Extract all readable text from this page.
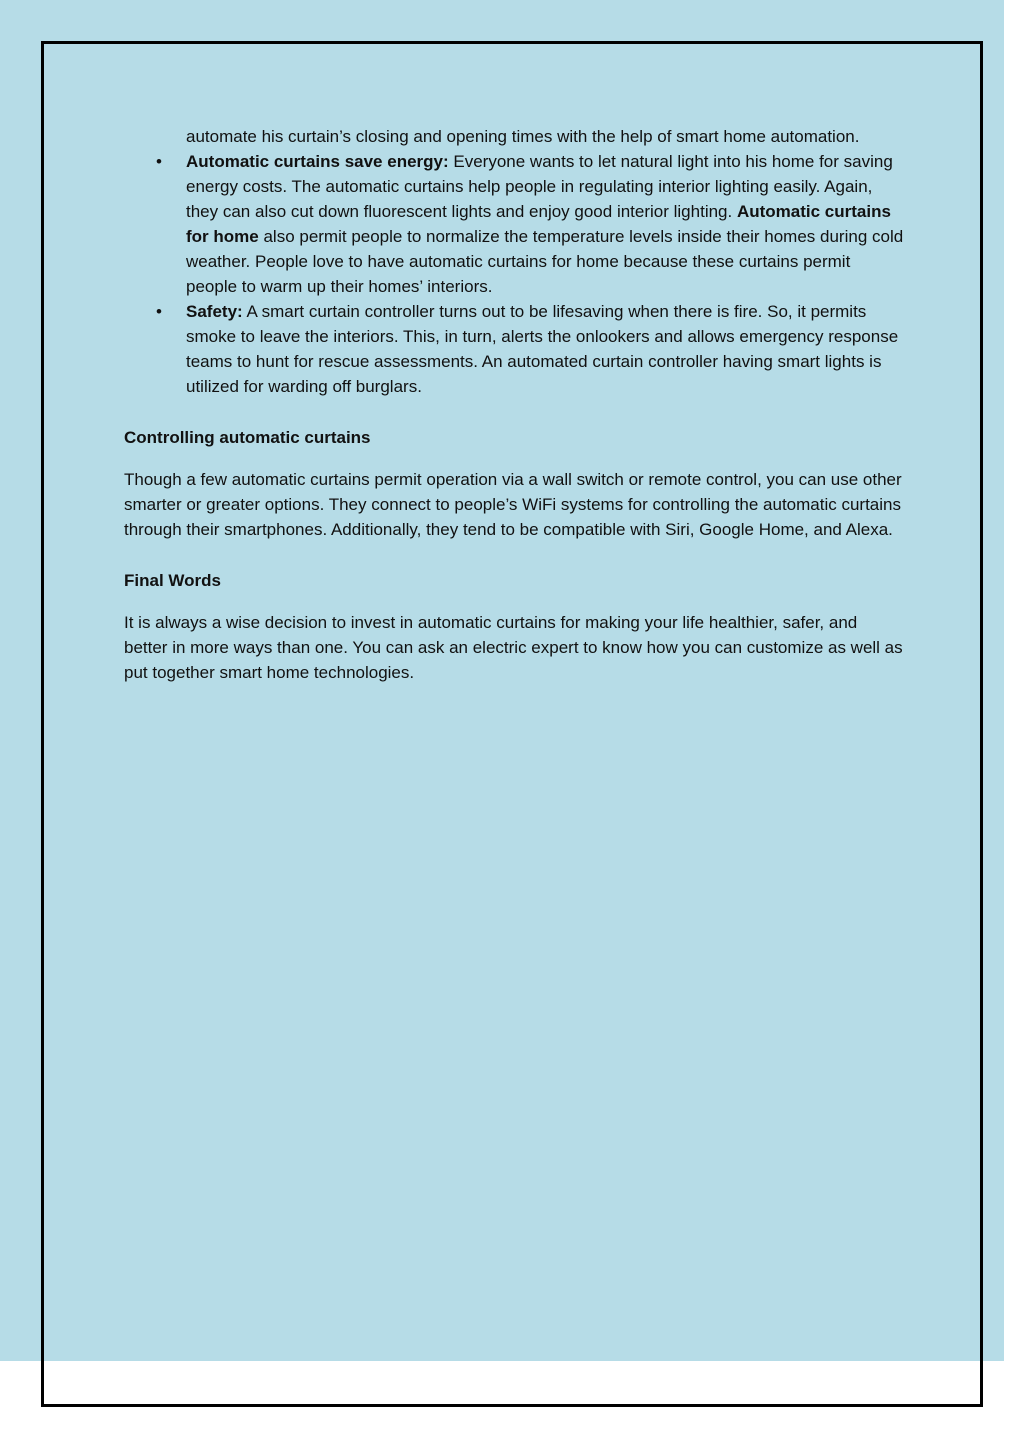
automate his curtain’s closing and opening times with the help of smart home automation.
• Automatic curtains save energy: Everyone wants to let natural light into his home for saving energy costs. The automatic curtains help people in regulating interior lighting easily. Again, they can also cut down fluorescent lights and enjoy good interior lighting. Automatic curtains for home also permit people to normalize the temperature levels inside their homes during cold weather. People love to have automatic curtains for home because these curtains permit people to warm up their homes’ interiors.
• Safety: A smart curtain controller turns out to be lifesaving when there is fire. So, it permits smoke to leave the interiors. This, in turn, alerts the onlookers and allows emergency response teams to hunt for rescue assessments. An automated curtain controller having smart lights is utilized for warding off burglars.
Controlling automatic curtains

Though a few automatic curtains permit operation via a wall switch or remote control, you can use other smarter or greater options. They connect to people’s WiFi systems for controlling the automatic curtains through their smartphones. Additionally, they tend to be compatible with Siri, Google Home, and Alexa.

Final Words

It is always a wise decision to invest in automatic curtains for making your life healthier, safer, and better in more ways than one. You can ask an electric expert to know how you can customize as well as put together smart home technologies.
